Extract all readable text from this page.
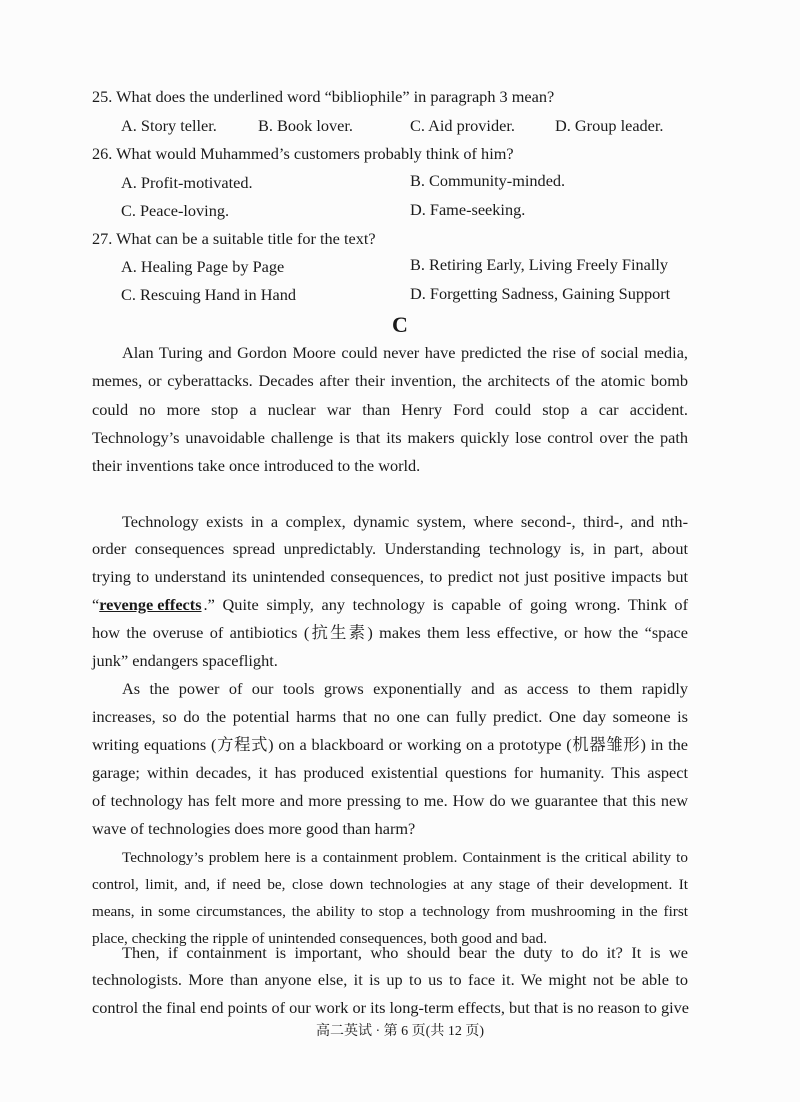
25. What does the underlined word “bibliophile” in paragraph 3 mean?
A. Story teller.	B. Book lover.	C. Aid provider. D. Group leader.
26. What would Muhammed’s customers probably think of him?
A. Profit-motivated.	B. Community-minded.
C. Peace-loving.	D. Fame-seeking.
27. What can be a suitable title for the text?
A. Healing Page by Page	B. Retiring Early, Living Freely Finally
C. Rescuing Hand in Hand	D. Forgetting Sadness, Gaining Support
C
Alan Turing and Gordon Moore could never have predicted the rise of social media,
memes, or cyberattacks. Decades after their invention, the architects of the atomic bomb
could no more stop a nuclear war than Henry Ford could stop a car accident.
Technology’s unavoidable challenge is that its makers quickly lose control over the path
their inventions take once introduced to the world.
Technology exists in a complex, dynamic system, where second-, third-, and nth-
order consequences spread unpredictably. Understanding technology is, in part, about
trying to understand its unintended consequences, to predict not just positive impacts but
“revenge effects .” Quite simply, any technology is capable of going wrong. Think of
how the overuse of antibiotics (抗生素) makes them less effective, or how the “space
junk” endangers spaceflight.
As the power of our tools grows exponentially and as access to them rapidly
increases, so do the potential harms that no one can fully predict. One day someone is
writing equations (方程式) on a blackboard or working on a prototype (机器雏形) in the
garage; within decades, it has produced existential questions for humanity. This aspect
of technology has felt more and more pressing to me. How do we guarantee that this new
wave of technologies does more good than harm?
Technology’s problem here is a containment problem. Containment is the critical ability to
control, limit, and, if need be, close down technologies at any stage of their development. It
means, in some circumstances, the ability to stop a technology from mushrooming in the first
place, checking the ripple of unintended consequences, both good and bad.
Then, if containment is important, who should bear the duty to do it? It is we
technologists. More than anyone else, it is up to us to face it. We might not be able to
control the final end points of our work or its long-term effects, but that is no reason to give
高二英试 · 第 6 页(共 12 页)
